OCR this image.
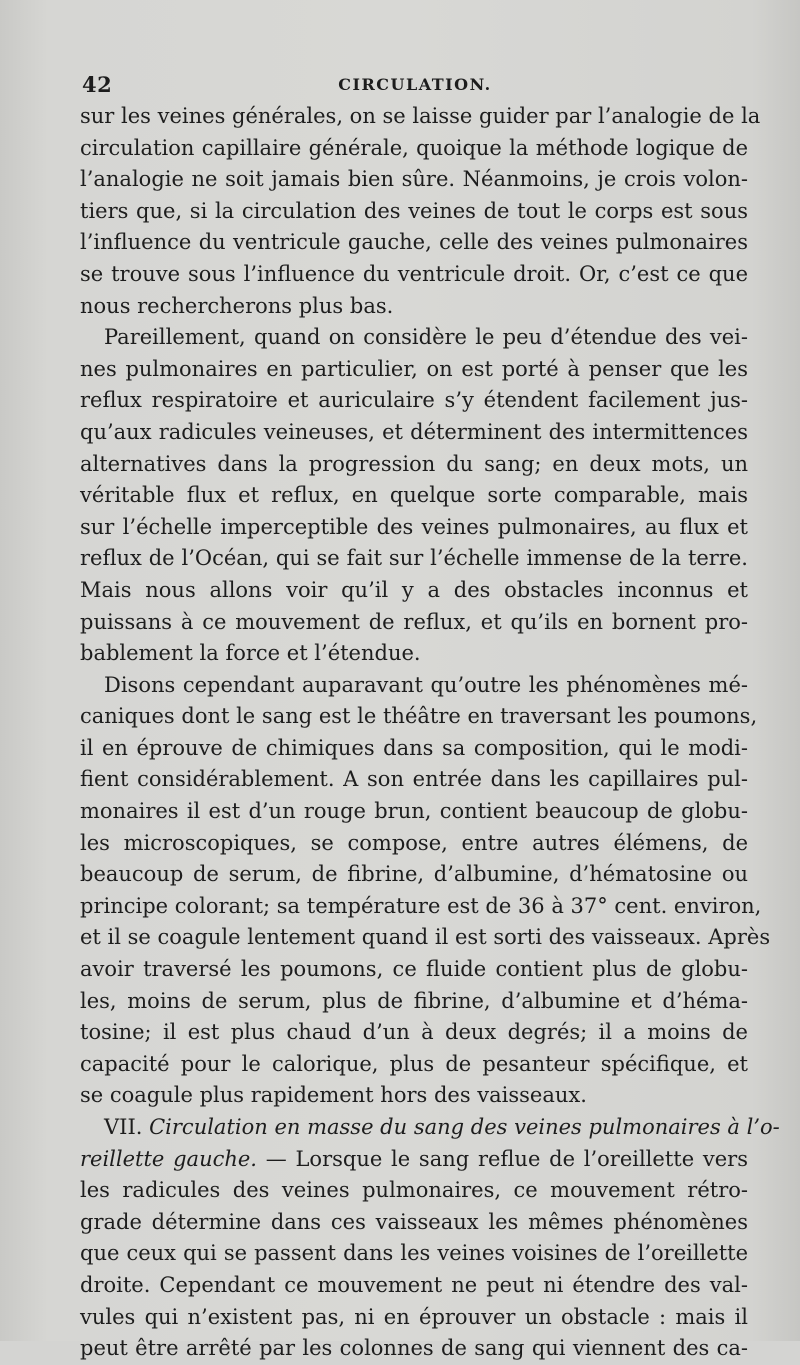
42	CIRCULATION.
sur les veines générales, on se laisse guider par l’analogie de la
circulation capillaire générale, quoique la méthode logique de
l’analogie ne soit jamais bien sûre. Néanmoins, je crois volon-
tiers que, si la circulation des veines de tout le corps est sous
l’influence du ventricule gauche, celle des veines pulmonaires
se trouve sous l’influence du ventricule droit. Or, c’est ce que
nous rechercherons plus bas.
Pareillement, quand on considère le peu d’étendue des vei-
nes pulmonaires en particulier, on est porté à penser que les
reflux respiratoire et auriculaire s’y étendent facilement jus-
qu’aux radicules veineuses, et déterminent des intermittences
alternatives dans la progression du sang; en deux mots, un
véritable flux et reflux, en quelque sorte comparable, mais
sur l’échelle imperceptible des veines pulmonaires, au flux et
reflux de l’Océan, qui se fait sur l’échelle immense de la terre.
Mais nous allons voir qu’il y a des obstacles inconnus et
puissans à ce mouvement de reflux, et qu’ils en bornent pro-
bablement la force et l’étendue.
Disons cependant auparavant qu’outre les phénomènes mé-
caniques dont le sang est le théâtre en traversant les poumons,
il en éprouve de chimiques dans sa composition, qui le modi-
fient considérablement. A son entrée dans les capillaires pul-
monaires il est d’un rouge brun, contient beaucoup de globu-
les microscopiques, se compose, entre autres élémens, de
beaucoup de serum, de fibrine, d’albumine, d’hématosine ou
principe colorant; sa température est de 36 à 37° cent. environ,
et il se coagule lentement quand il est sorti des vaisseaux. Après
avoir traversé les poumons, ce fluide contient plus de globu-
les, moins de serum, plus de fibrine, d’albumine et d’héma-
tosine; il est plus chaud d’un à deux degrés; il a moins de
capacité pour le calorique, plus de pesanteur spécifique, et
se coagule plus rapidement hors des vaisseaux.
VII. Circulation en masse du sang des veines pulmonaires à l’o-
reillette gauche. — Lorsque le sang reflue de l’oreillette vers
les radicules des veines pulmonaires, ce mouvement rétro-
grade détermine dans ces vaisseaux les mêmes phénomènes
que ceux qui se passent dans les veines voisines de l’oreillette
droite. Cependant ce mouvement ne peut ni étendre des val-
vules qui n’existent pas, ni en éprouver un obstacle : mais il
peut être arrêté par les colonnes de sang qui viennent des ca-
